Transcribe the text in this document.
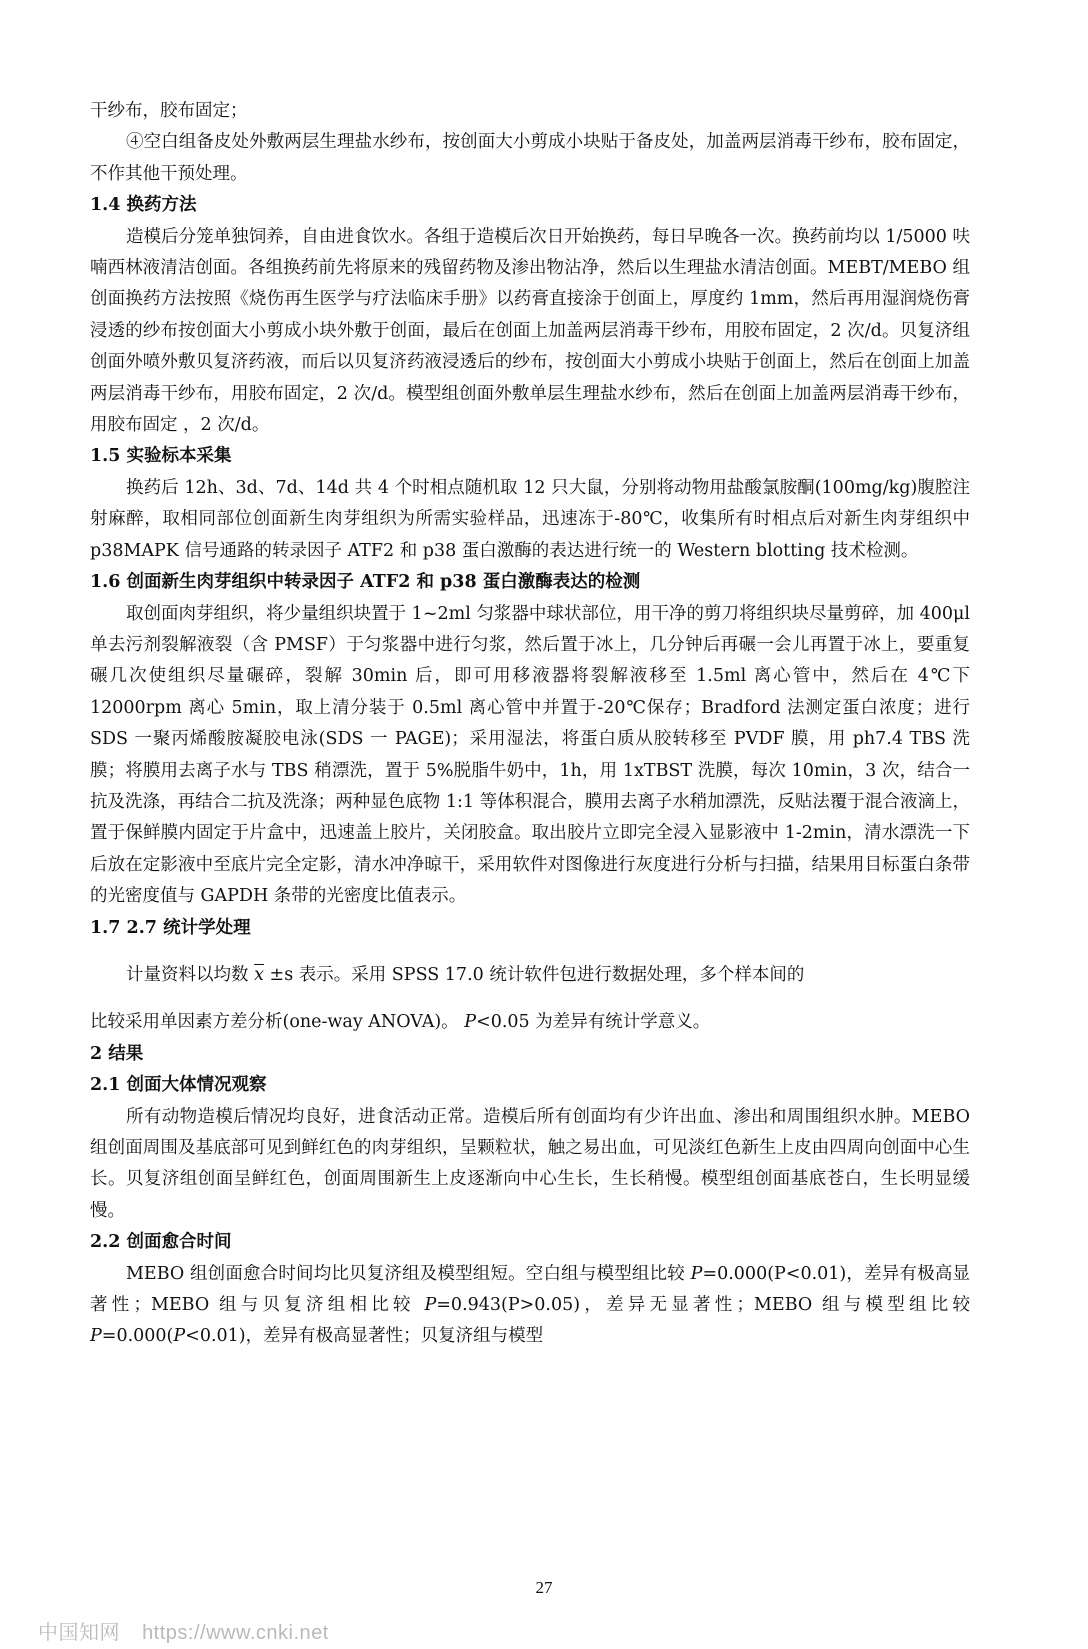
干纱布，胶布固定；

④空白组备皮处外敷两层生理盐水纱布，按创面大小剪成小块贴于备皮处，加盖两层消毒干纱布，胶布固定，不作其他干预处理。

1.4 换药方法

造模后分笼单独饲养，自由进食饮水。各组于造模后次日开始换药，每日早晚各一次。换药前均以 1/5000 呋喃西林液清洁创面。各组换药前先将原来的残留药物及渗出物沾净，然后以生理盐水清洁创面。MEBT/MEBO 组创面换药方法按照《烧伤再生医学与疗法临床手册》以药膏直接涂于创面上，厚度约 1mm，然后再用湿润烧伤膏浸透的纱布按创面大小剪成小块外敷于创面，最后在创面上加盖两层消毒干纱布，用胶布固定，2 次/d。贝复济组创面外喷外敷贝复济药液，而后以贝复济药液浸透后的纱布，按创面大小剪成小块贴于创面上，然后在创面上加盖两层消毒干纱布，用胶布固定，2 次/d。模型组创面外敷单层生理盐水纱布，然后在创面上加盖两层消毒干纱布，用胶布固定 ，2 次/d。

1.5 实验标本采集

换药后 12h、3d、7d、14d 共 4 个时相点随机取 12 只大鼠，分别将动物用盐酸氯胺酮(100mg/kg)腹腔注射麻醉，取相同部位创面新生肉芽组织为所需实验样品，迅速冻于-80℃，收集所有时相点后对新生肉芽组织中 p38MAPK 信号通路的转录因子 ATF2 和 p38 蛋白激酶的表达进行统一的 Western blotting 技术检测。

1.6 创面新生肉芽组织中转录因子 ATF2 和 p38 蛋白激酶表达的检测

取创面肉芽组织，将少量组织块置于 1~2ml 匀浆器中球状部位，用干净的剪刀将组织块尽量剪碎，加 400μl 单去污剂裂解液裂（含 PMSF）于匀浆器中进行匀浆，然后置于冰上，几分钟后再碾一会儿再置于冰上，要重复碾几次使组织尽量碾碎，裂解 30min 后，即可用移液器将裂解液移至 1.5ml 离心管中，然后在 4℃下 12000rpm 离心 5min，取上清分装于 0.5ml 离心管中并置于-20℃保存；Bradford 法测定蛋白浓度；进行 SDS 一聚丙烯酸胺凝胶电泳(SDS 一 PAGE)；采用湿法，将蛋白质从胶转移至 PVDF 膜，用 ph7.4 TBS 洗膜；将膜用去离子水与 TBS 稍漂洗，置于 5%脱脂牛奶中，1h，用 1xTBST 洗膜，每次 10min，3 次，结合一抗及洗涤，再结合二抗及洗涤；两种显色底物 1:1 等体积混合，膜用去离子水稍加漂洗，反贴法覆于混合液滴上，置于保鲜膜内固定于片盒中，迅速盖上胶片，关闭胶盒。取出胶片立即完全浸入显影液中 1-2min，清水漂洗一下后放在定影液中至底片完全定影，清水冲净晾干，采用软件对图像进行灰度进行分析与扫描，结果用目标蛋白条带的光密度值与 GAPDH 条带的光密度比值表示。

1.7 2.7 统计学处理

计量资料以均数 $\overline{x} \pm s$ 表示。采用 SPSS 17.0 统计软件包进行数据处理，多个样本间的

比较采用单因素方差分析(one-way ANOVA)。 P<0.05 为差异有统计学意义。

2 结果

2.1 创面大体情况观察

所有动物造模后情况均良好，进食活动正常。造模后所有创面均有少许出血、渗出和周围组织水肿。MEBO 组创面周围及基底部可见到鲜红色的肉芽组织，呈颗粒状，触之易出血，可见淡红色新生上皮由四周向创面中心生长。贝复济组创面呈鲜红色，创面周围新生上皮逐渐向中心生长，生长稍慢。模型组创面基底苍白，生长明显缓慢。

2.2 创面愈合时间

MEBO 组创面愈合时间均比贝复济组及模型组短。空白组与模型组比较 P=0.000(P<0.01)，差异有极高显著性；MEBO 组与贝复济组相比较 P=0.943(P>0.05)，差异无显著性；MEBO 组与模型组比较 P=0.000(P<0.01)，差异有极高显著性；贝复济组与模型

27
中国知网 https://www.cnki.net
